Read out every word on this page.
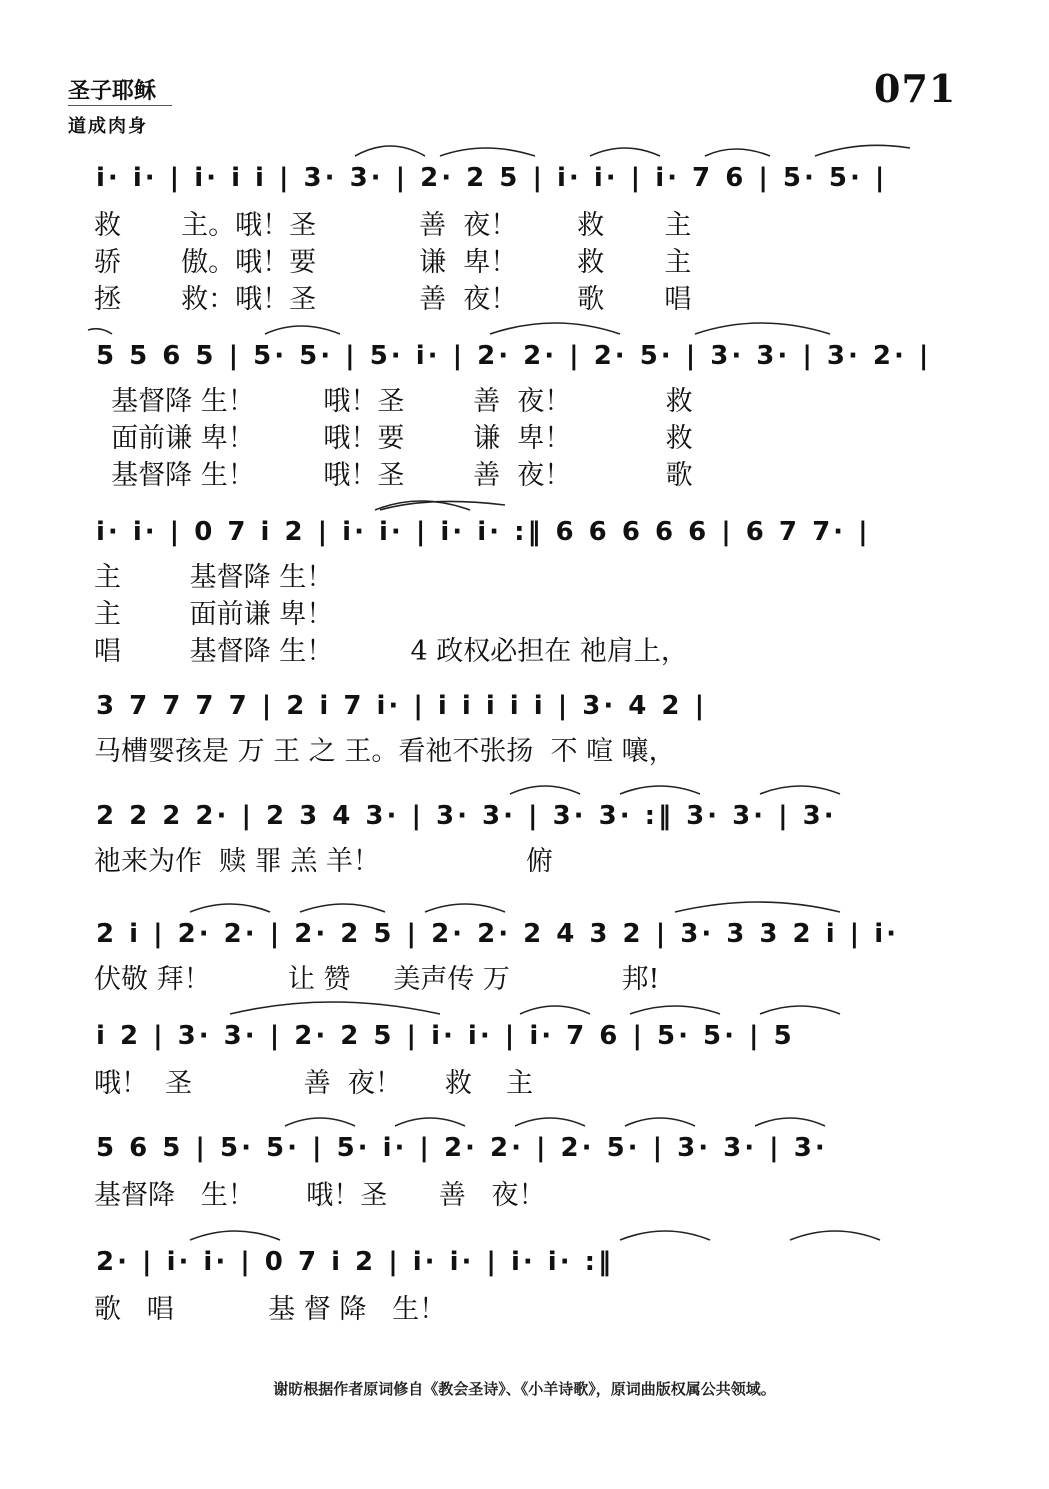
圣子耶稣
道成肉身
071
i· i· | i· i i | 3· 3· | 2· 2 5 | i· i· | i· 7 6 | 5· 5· |
救       主。哦！圣            善  夜！       救       主
骄       傲。哦！要            谦  卑！       救       主
拯       救：哦！圣            善  夜！       歌       唱
5 5 6 5 | 5· 5· | 5· i· | 2· 2· | 2· 5· | 3· 3· | 3· 2· |
基督降 生！        哦！圣        善  夜！           救
面前谦 卑！        哦！要        谦  卑！           救
基督降 生！        哦！圣        善  夜！           歌
i· i· | 0 7 i 2 | i· i· | i· i· :‖ 6 6 6 6 6 | 6 7 7· |
主        基督降 生！
主        面前谦 卑！
唱        基督降 生！         4 政权必担在 祂肩上，
3 7 7 7 7 | 2 i 7 i· | i i i i i | 3· 4 2 |
马槽婴孩是 万 王 之 王。看祂不张扬  不 喧 嚷，
2 2 2 2· | 2 3 4 3· | 3· 3· | 3· 3· :‖ 3· 3· | 3·
祂来为作  赎 罪 羔 羊！                 俯
2 i | 2· 2· | 2· 2 5 | 2· 2· 2 4 3 2 | 3· 3 3 2 i | i·
伏敬 拜！         让 赞     美声传 万             邦!
i 2 | 3· 3· | 2· 2 5 | i· i· | i· 7 6 | 5· 5· | 5
哦！  圣             善  夜！     救    主
5 6 5 | 5· 5· | 5· i· | 2· 2· | 2· 5· | 3· 3· | 3·
基督降   生！      哦！圣      善   夜！
2· | i· i· | 0 7 i 2 | i· i· | i· i· :‖
歌   唱           基 督 降   生！
谢昉根据作者原词修自《教会圣诗》、《小羊诗歌》，原词曲版权属公共领域。
